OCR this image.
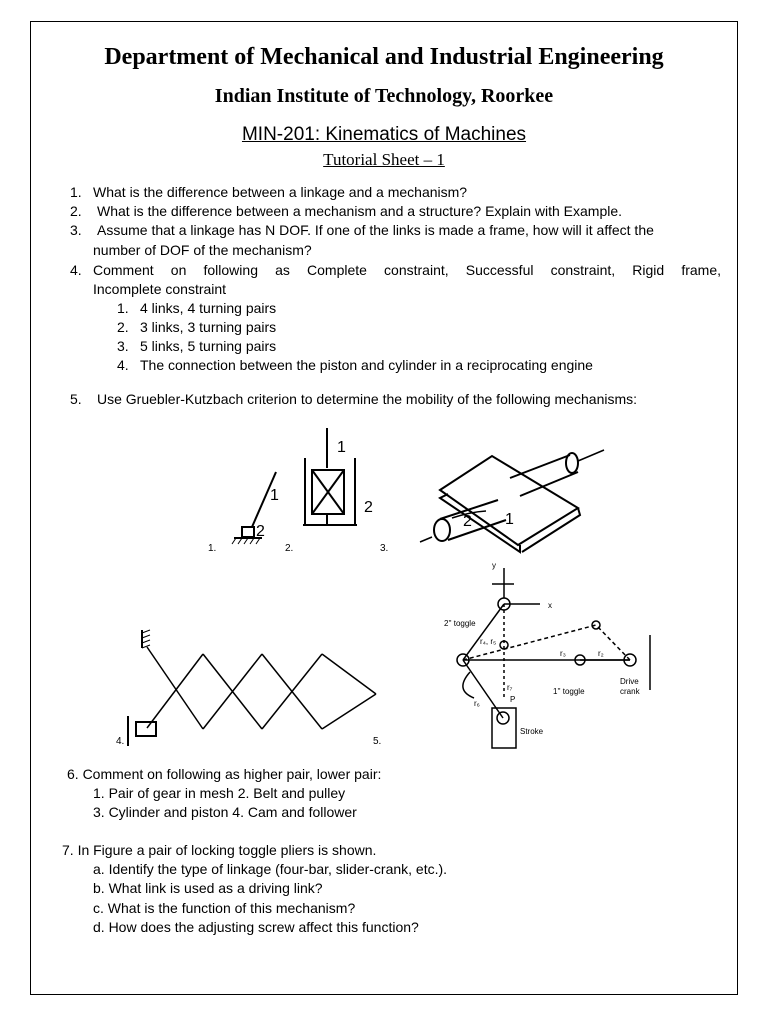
Department of Mechanical and Industrial Engineering
Indian Institute of Technology, Roorkee
MIN-201: Kinematics of Machines
Tutorial Sheet – 1
1. What is the difference between a linkage and a mechanism?
2. What is the difference between a mechanism and a structure? Explain with Example.
3. Assume that a linkage has N DOF. If one of the links is made a frame, how will it affect the
number of DOF of the mechanism?
4. Comment on following as Complete constraint, Successful constraint, Rigid frame,
Incomplete constraint
1. 4 links, 4 turning pairs
2. 3 links, 3 turning pairs
3. 5 links, 5 turning pairs
4. The connection between the piston and cylinder in a reciprocating engine
5. Use Gruebler-Kutzbach criterion to determine the mobility of the following mechanisms:
1.	2.	3.
4.	5.
1
2
1
2
2 1
y
x
2'' toggle
r₄, r₅
r₃	r₂
r₆
r₇
P
1'' toggle
Drive
crank
Stroke
6. Comment on following as higher pair, lower pair:
1. Pair of gear in mesh 2. Belt and pulley
3. Cylinder and piston 4. Cam and follower
7. In Figure a pair of locking toggle pliers is shown.
a. Identify the type of linkage (four-bar, slider-crank, etc.).
b. What link is used as a driving link?
c. What is the function of this mechanism?
d. How does the adjusting screw affect this function?
